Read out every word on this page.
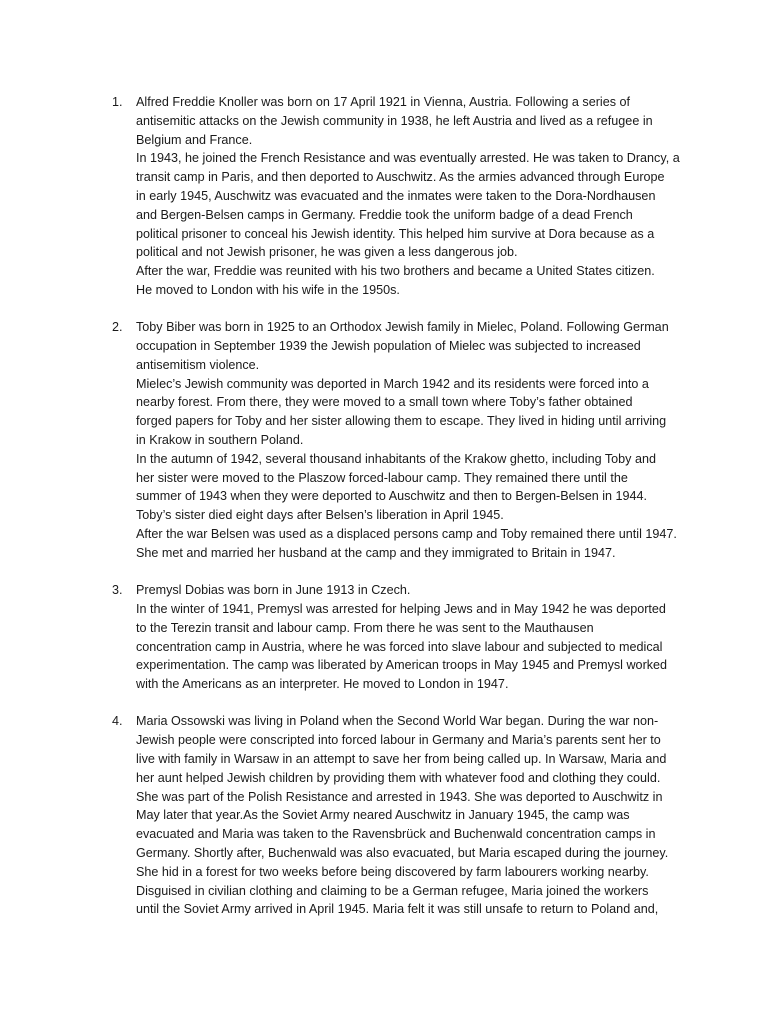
1. Alfred Freddie Knoller was born on 17 April 1921 in Vienna, Austria. Following a series of
antisemitic attacks on the Jewish community in 1938, he left Austria and lived as a refugee in
Belgium and France.
In 1943, he joined the French Resistance and was eventually arrested. He was taken to Drancy, a
transit camp in Paris, and then deported to Auschwitz. As the armies advanced through Europe
in early 1945, Auschwitz was evacuated and the inmates were taken to the Dora-Nordhausen
and Bergen-Belsen camps in Germany. Freddie took the uniform badge of a dead French
political prisoner to conceal his Jewish identity. This helped him survive at Dora because as a
political and not Jewish prisoner, he was given a less dangerous job.
After the war, Freddie was reunited with his two brothers and became a United States citizen.
He moved to London with his wife in the 1950s.
2. Toby Biber was born in 1925 to an Orthodox Jewish family in Mielec, Poland. Following German
occupation in September 1939 the Jewish population of Mielec was subjected to increased
antisemitism violence.
Mielec’s Jewish community was deported in March 1942 and its residents were forced into a
nearby forest. From there, they were moved to a small town where Toby’s father obtained
forged papers for Toby and her sister allowing them to escape. They lived in hiding until arriving
in Krakow in southern Poland.
In the autumn of 1942, several thousand inhabitants of the Krakow ghetto, including Toby and
her sister were moved to the Plaszow forced-labour camp. They remained there until the
summer of 1943 when they were deported to Auschwitz and then to Bergen-Belsen in 1944.
Toby’s sister died eight days after Belsen’s liberation in April 1945.
After the war Belsen was used as a displaced persons camp and Toby remained there until 1947.
She met and married her husband at the camp and they immigrated to Britain in 1947.
3. Premysl Dobias was born in June 1913 in Czech.
In the winter of 1941, Premysl was arrested for helping Jews and in May 1942 he was deported
to the Terezin transit and labour camp. From there he was sent to the Mauthausen
concentration camp in Austria, where he was forced into slave labour and subjected to medical
experimentation. The camp was liberated by American troops in May 1945 and Premysl worked
with the Americans as an interpreter. He moved to London in 1947.
4. Maria Ossowski was living in Poland when the Second World War began. During the war non-
Jewish people were conscripted into forced labour in Germany and Maria’s parents sent her to
live with family in Warsaw in an attempt to save her from being called up. In Warsaw, Maria and
her aunt helped Jewish children by providing them with whatever food and clothing they could.
She was part of the Polish Resistance and arrested in 1943. She was deported to Auschwitz in
May later that year.As the Soviet Army neared Auschwitz in January 1945, the camp was
evacuated and Maria was taken to the Ravensbrück and Buchenwald concentration camps in
Germany. Shortly after, Buchenwald was also evacuated, but Maria escaped during the journey.
She hid in a forest for two weeks before being discovered by farm labourers working nearby.
Disguised in civilian clothing and claiming to be a German refugee, Maria joined the workers
until the Soviet Army arrived in April 1945. Maria felt it was still unsafe to return to Poland and,
